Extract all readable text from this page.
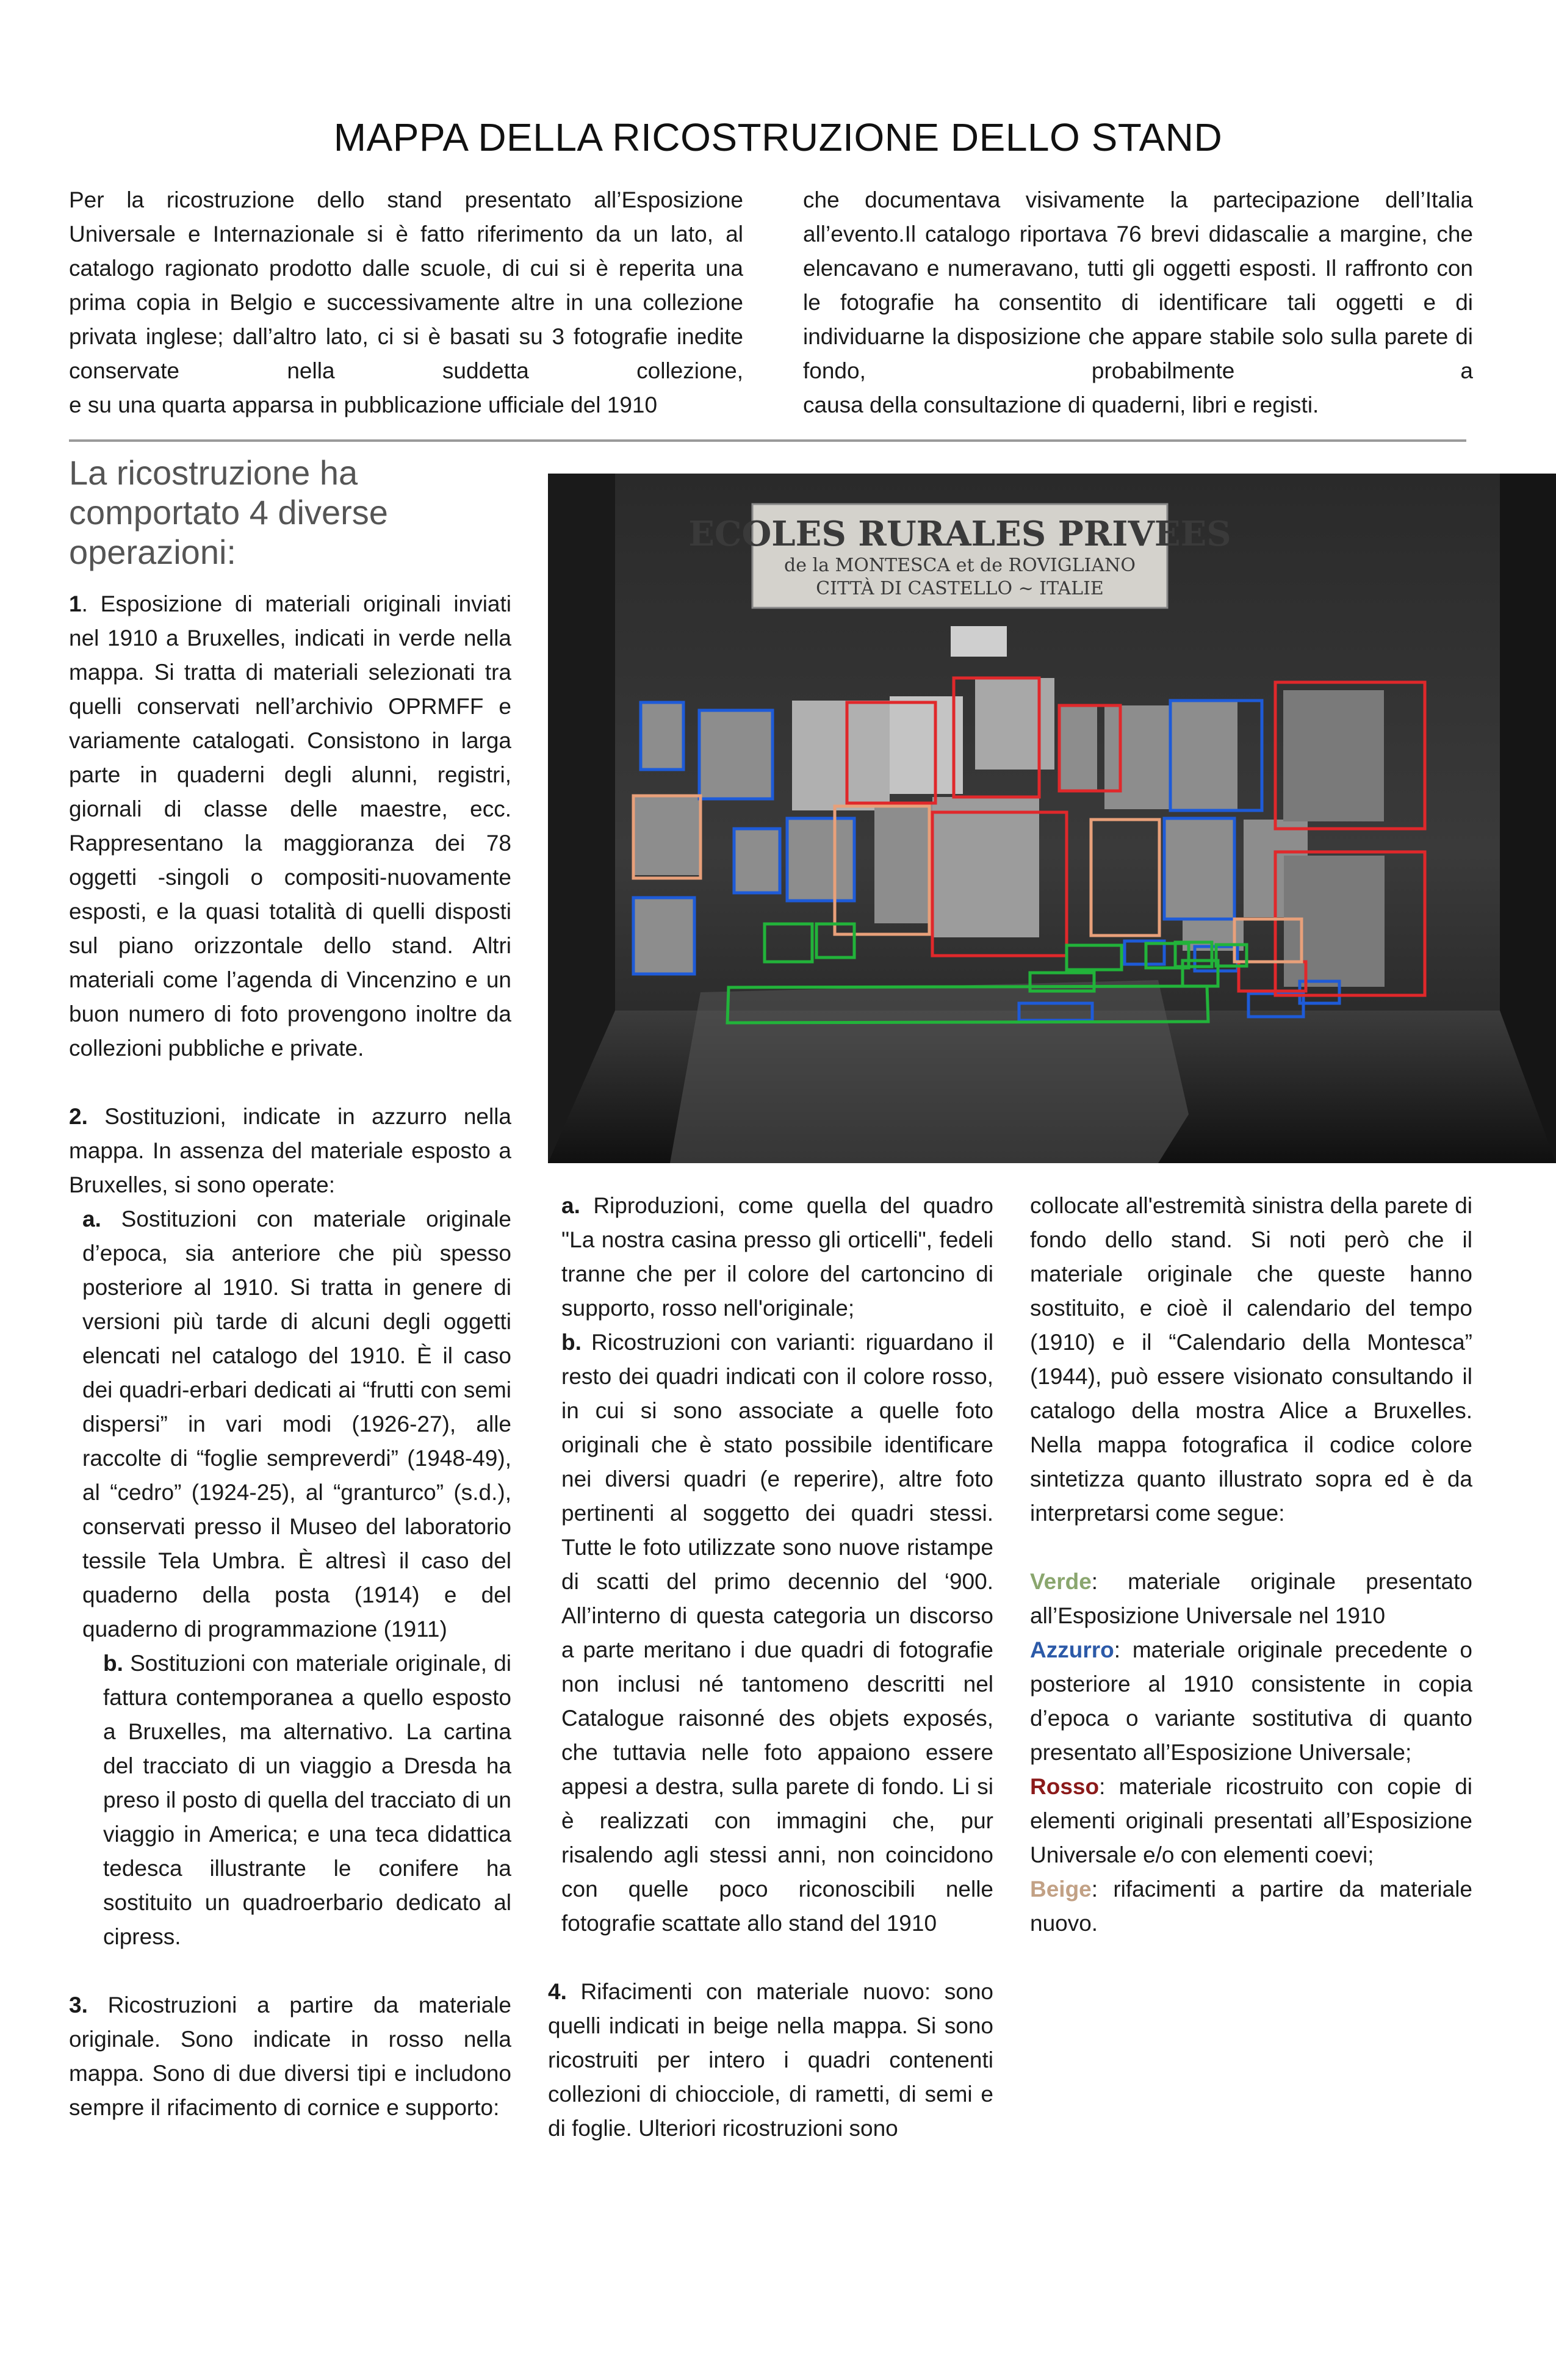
MAPPA DELLA RICOSTRUZIONE DELLO STAND
Per la ricostruzione dello stand presentato all’Esposizione Universale e Internazionale si è fatto riferimento da un lato, al catalogo ragionato prodotto dalle scuole, di cui si è reperita una prima copia in Belgio e successivamente altre in una collezione privata inglese; dall’altro lato, ci si è basati su 3 fotografie inedite conservate nella suddetta collezione,
e su una quarta apparsa in pubblicazione ufficiale del 1910
che documentava visivamente la partecipazione dell’Italia all’evento.Il catalogo riportava 76 brevi didascalie a margine, che elencavano e numeravano, tutti gli oggetti esposti. Il raffronto con le fotografie ha consentito di identificare tali oggetti e di individuarne la disposizione che appare stabile solo sulla parete di fondo, probabilmente a
causa della consultazione di quaderni, libri e registi.
La ricostruzione ha comportato 4 diverse operazioni:

1. Esposizione di materiali originali inviati nel 1910 a Bruxelles, indicati in verde nella mappa. Si tratta di materiali selezionati tra quelli conservati nell’archivio OPRMFF e variamente catalogati. Consistono in larga parte in quaderni degli alunni, registri, giornali di classe delle maestre, ecc. Rappresentano la maggioranza dei 78 oggetti -singoli o compositi-nuovamente esposti, e la quasi totalità di quelli disposti sul piano orizzontale dello stand. Altri materiali come l’agenda di Vincenzino e un buon numero di foto provengono inoltre da collezioni pubbliche e private.

2. Sostituzioni, indicate in azzurro nella mappa. In assenza del materiale esposto a Bruxelles, si sono operate:

a. Sostituzioni con materiale originale d’epoca, sia anteriore che più spesso posteriore al 1910. Si tratta in genere di versioni più tarde di alcuni degli oggetti elencati nel catalogo del 1910. È il caso dei quadri-erbari dedicati ai “frutti con semi dispersi” in vari modi (1926-27), alle raccolte di “foglie sempreverdi” (1948-49), al “cedro” (1924-25), al “granturco” (s.d.), conservati presso il Museo del laboratorio tessile Tela Umbra. È altresì il caso del quaderno della posta (1914) e del quaderno di programmazione (1911)

b. Sostituzioni con materiale originale, di fattura contemporanea a quello esposto a Bruxelles, ma alternativo. La cartina del tracciato di un viaggio a Dresda ha preso il posto di quella del tracciato di un viaggio in America; e una teca didattica tedesca illustrante le conifere ha sostituito un quadroerbario dedicato al cipress.

3. Ricostruzioni a partire da materiale originale. Sono indicate in rosso nella mappa. Sono di due diversi tipi e includono sempre il rifacimento di cornice e supporto:

a. Riproduzioni, come quella del quadro "La nostra casina presso gli orticelli", fedeli tranne che per il colore del cartoncino di supporto, rosso nell'originale;

b. Ricostruzioni con varianti: riguardano il resto dei quadri indicati con il colore rosso, in cui si sono associate a quelle foto originali che è stato possibile identificare nei diversi quadri (e reperire), altre foto pertinenti al soggetto dei quadri stessi. Tutte le foto utilizzate sono nuove ristampe di scatti del primo decennio del ‘900. All’interno di questa categoria un discorso a parte meritano i due quadri di fotografie non inclusi né tantomeno descritti nel Catalogue raisonné des objets exposés, che tuttavia nelle foto appaiono essere appesi a destra, sulla parete di fondo. Li si è realizzati con immagini che, pur risalendo agli stessi anni, non coincidono con quelle poco riconoscibili nelle fotografie scattate allo stand del 1910

4. Rifacimenti con materiale nuovo: sono quelli indicati in beige nella mappa. Si sono ricostruiti per intero i quadri contenenti collezioni di chiocciole, di rametti, di semi e di foglie. Ulteriori ricostruzioni sono

collocate all'estremità sinistra della parete di fondo dello stand. Si noti però che il materiale originale che queste hanno sostituito, e cioè il calendario del tempo (1910) e il “Calendario della Montesca” (1944), può essere visionato consultando il catalogo della mostra Alice a Bruxelles. Nella mappa fotografica il codice colore sintetizza quanto illustrato sopra ed è da interpretarsi come segue:

Verde: materiale originale presentato all’Esposizione Universale nel 1910

Azzurro: materiale originale precedente o posteriore al 1910 consistente in copia d’epoca o variante sostitutiva di quanto presentato all’Esposizione Universale;

Rosso: materiale ricostruito con copie di elementi originali presentati all’Esposizione Universale e/o con elementi coevi;

Beige: rifacimenti a partire da materiale nuovo.

ECOLES RURALES PRIVEES
de la MONTESCA et de ROVIGLIANO
CITTÀ DI CASTELLO ~ ITALIE
